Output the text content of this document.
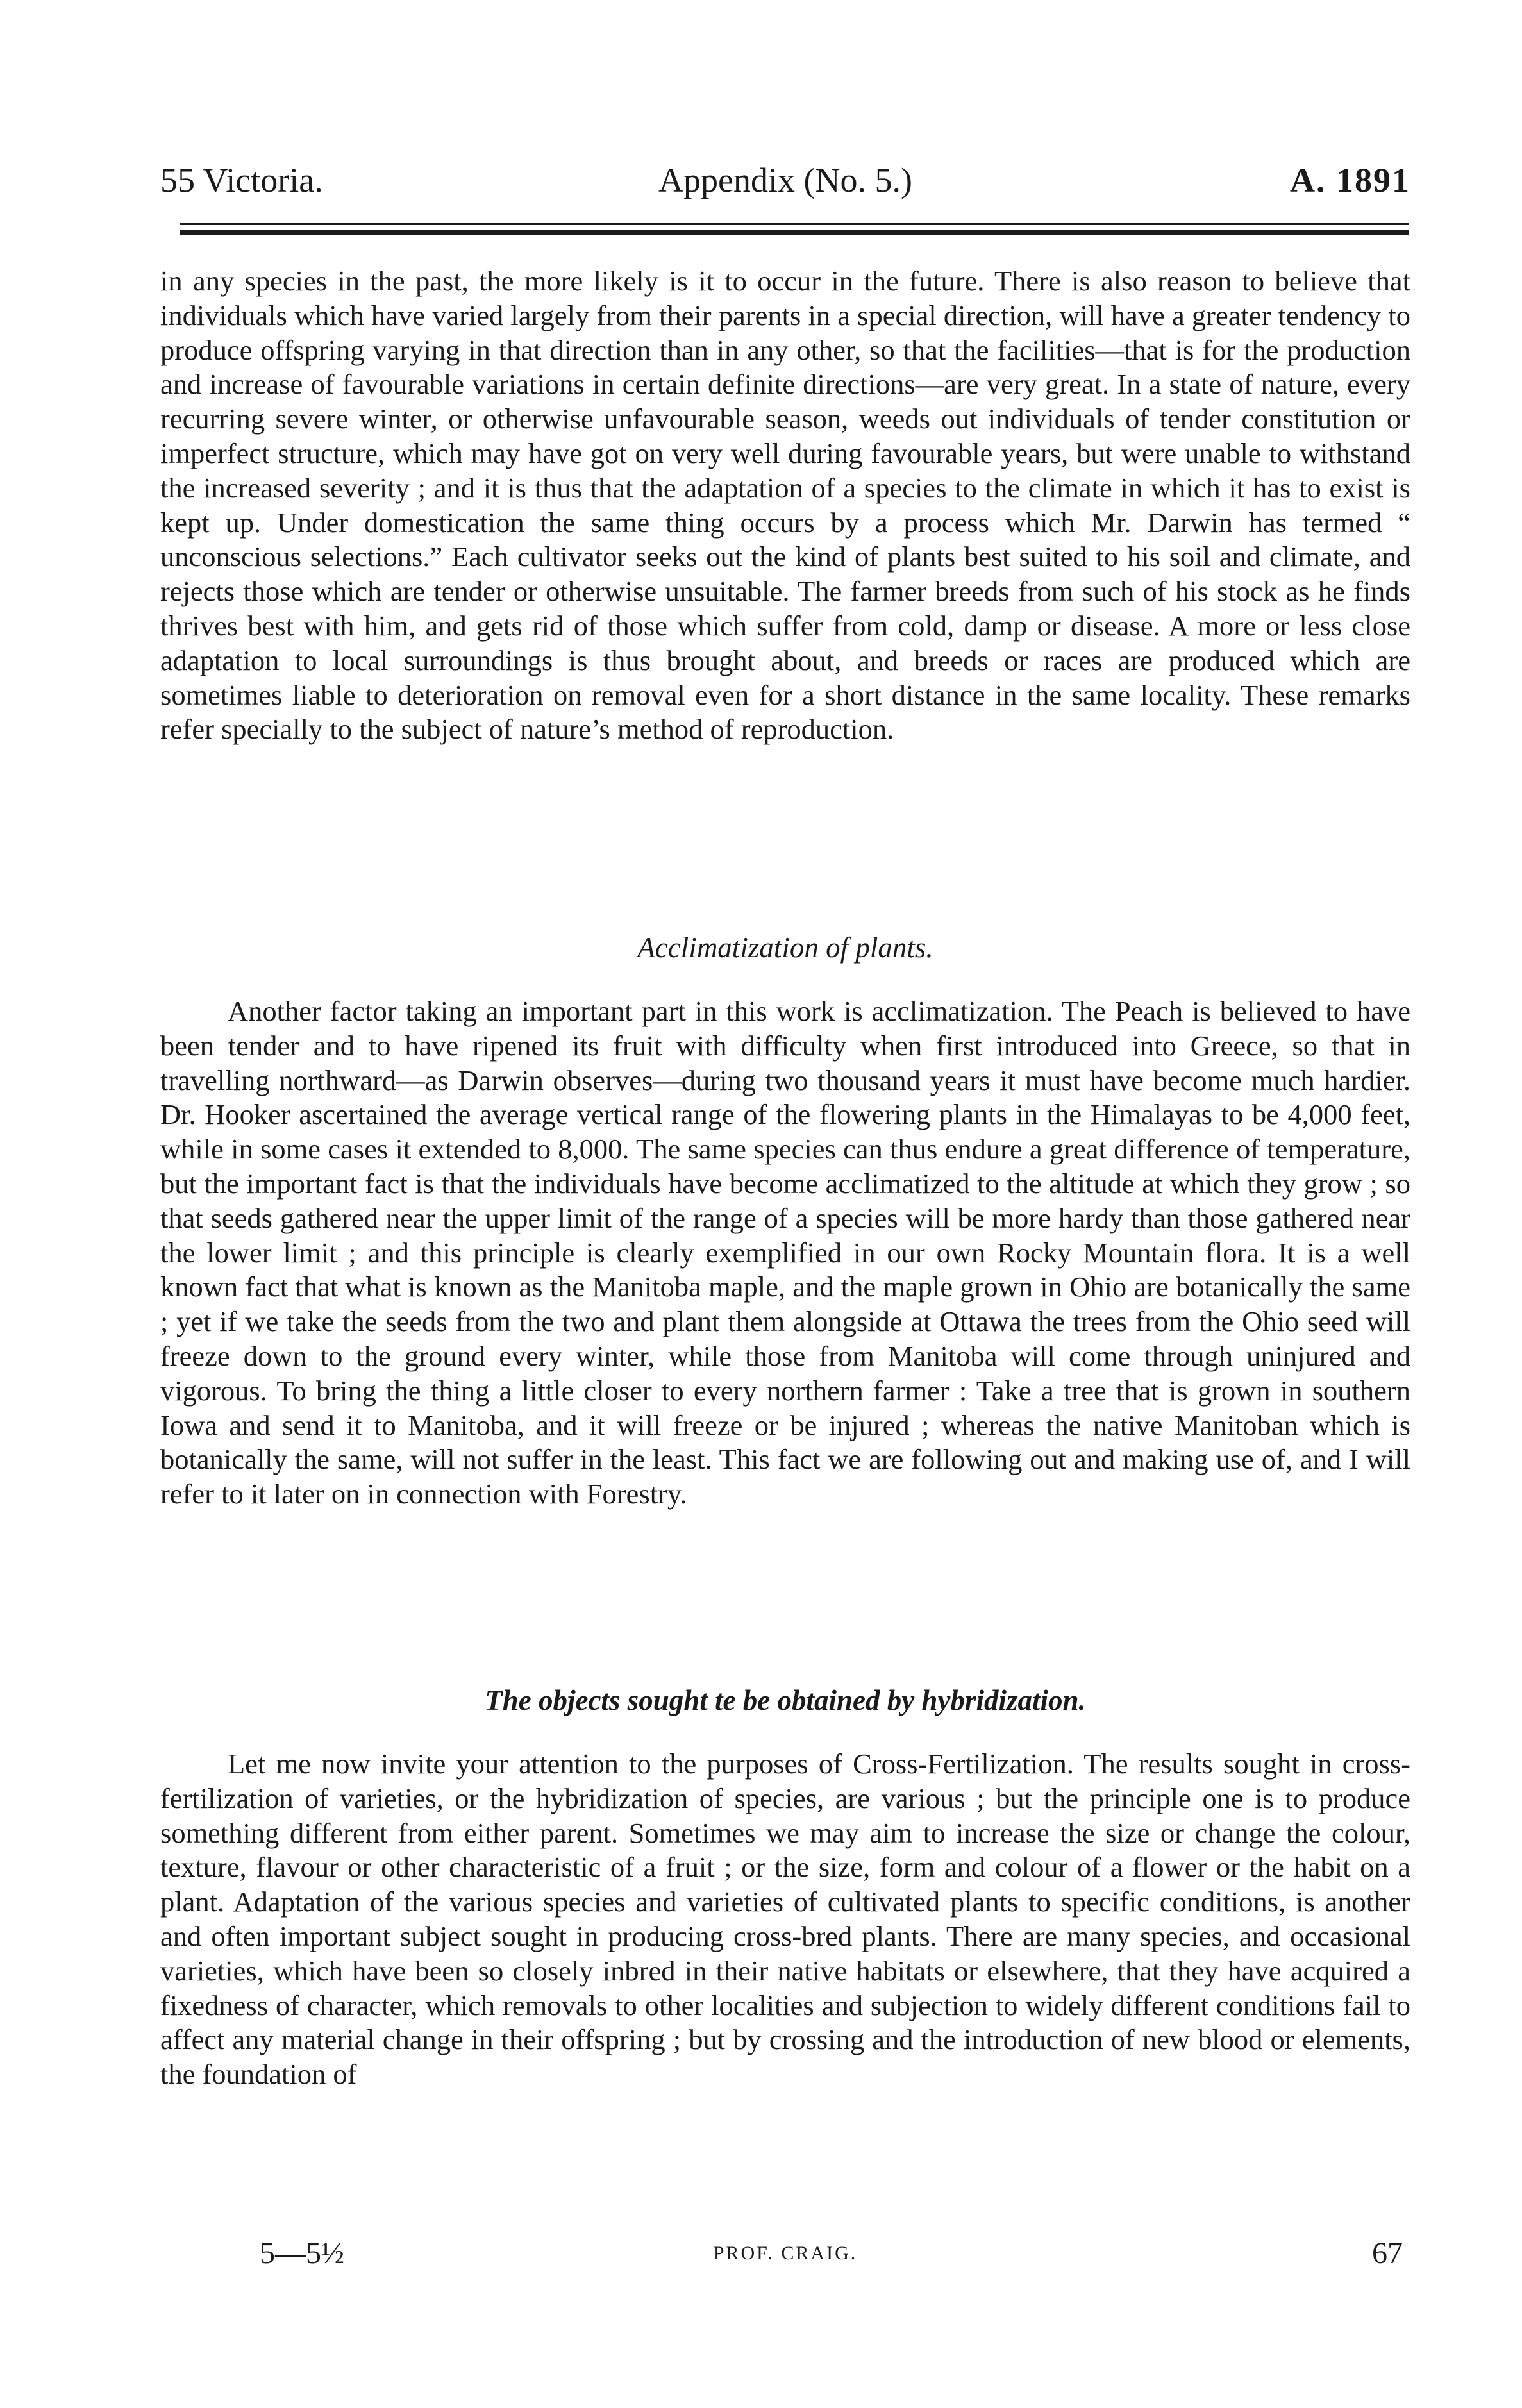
55 Victoria.	Appendix (No. 5.)	A. 1891

in any species in the past, the more likely is it to occur in the future. There is also reason to believe that individuals which have varied largely from their parents in a special direction, will have a greater tendency to produce offspring varying in that direction than in any other, so that the facilities—that is for the production and increase of favourable variations in certain definite directions—are very great. In a state of nature, every recurring severe winter, or otherwise unfavourable season, weeds out individuals of tender constitution or imperfect structure, which may have got on very well during favourable years, but were unable to withstand the increased severity ; and it is thus that the adaptation of a species to the climate in which it has to exist is kept up. Under domestication the same thing occurs by a process which Mr. Darwin has termed “ unconscious selections.” Each cultivator seeks out the kind of plants best suited to his soil and climate, and rejects those which are tender or otherwise unsuitable. The farmer breeds from such of his stock as he finds thrives best with him, and gets rid of those which suffer from cold, damp or disease. A more or less close adaptation to local surroundings is thus brought about, and breeds or races are produced which are sometimes liable to deterioration on removal even for a short distance in the same locality. These remarks refer specially to the subject of nature’s method of reproduction.

Acclimatization of plants.

Another factor taking an important part in this work is acclimatization. The Peach is believed to have been tender and to have ripened its fruit with difficulty when first introduced into Greece, so that in travelling northward—as Darwin observes—during two thousand years it must have become much hardier. Dr. Hooker ascertained the average vertical range of the flowering plants in the Himalayas to be 4,000 feet, while in some cases it extended to 8,000. The same species can thus endure a great difference of temperature, but the important fact is that the individuals have become acclimatized to the altitude at which they grow ; so that seeds gathered near the upper limit of the range of a species will be more hardy than those gathered near the lower limit ; and this principle is clearly exemplified in our own Rocky Mountain flora. It is a well known fact that what is known as the Manitoba maple, and the maple grown in Ohio are botanically the same ; yet if we take the seeds from the two and plant them alongside at Ottawa the trees from the Ohio seed will freeze down to the ground every winter, while those from Manitoba will come through uninjured and vigorous. To bring the thing a little closer to every northern farmer : Take a tree that is grown in southern Iowa and send it to Manitoba, and it will freeze or be injured ; whereas the native Manitoban which is botanically the same, will not suffer in the least. This fact we are following out and making use of, and I will refer to it later on in connection with Forestry.

The objects sought te be obtained by hybridization.

Let me now invite your attention to the purposes of Cross-Fertilization. The results sought in cross-fertilization of varieties, or the hybridization of species, are various ; but the principle one is to produce something different from either parent. Sometimes we may aim to increase the size or change the colour, texture, flavour or other characteristic of a fruit ; or the size, form and colour of a flower or the habit on a plant. Adaptation of the various species and varieties of cultivated plants to specific conditions, is another and often important subject sought in producing cross-bred plants. There are many species, and occasional varieties, which have been so closely inbred in their native habitats or elsewhere, that they have acquired a fixedness of character, which removals to other localities and subjection to widely different conditions fail to affect any material change in their offspring ; but by crossing and the introduction of new blood or elements, the foundation of

5—5½	PROF. CRAIG.	67
